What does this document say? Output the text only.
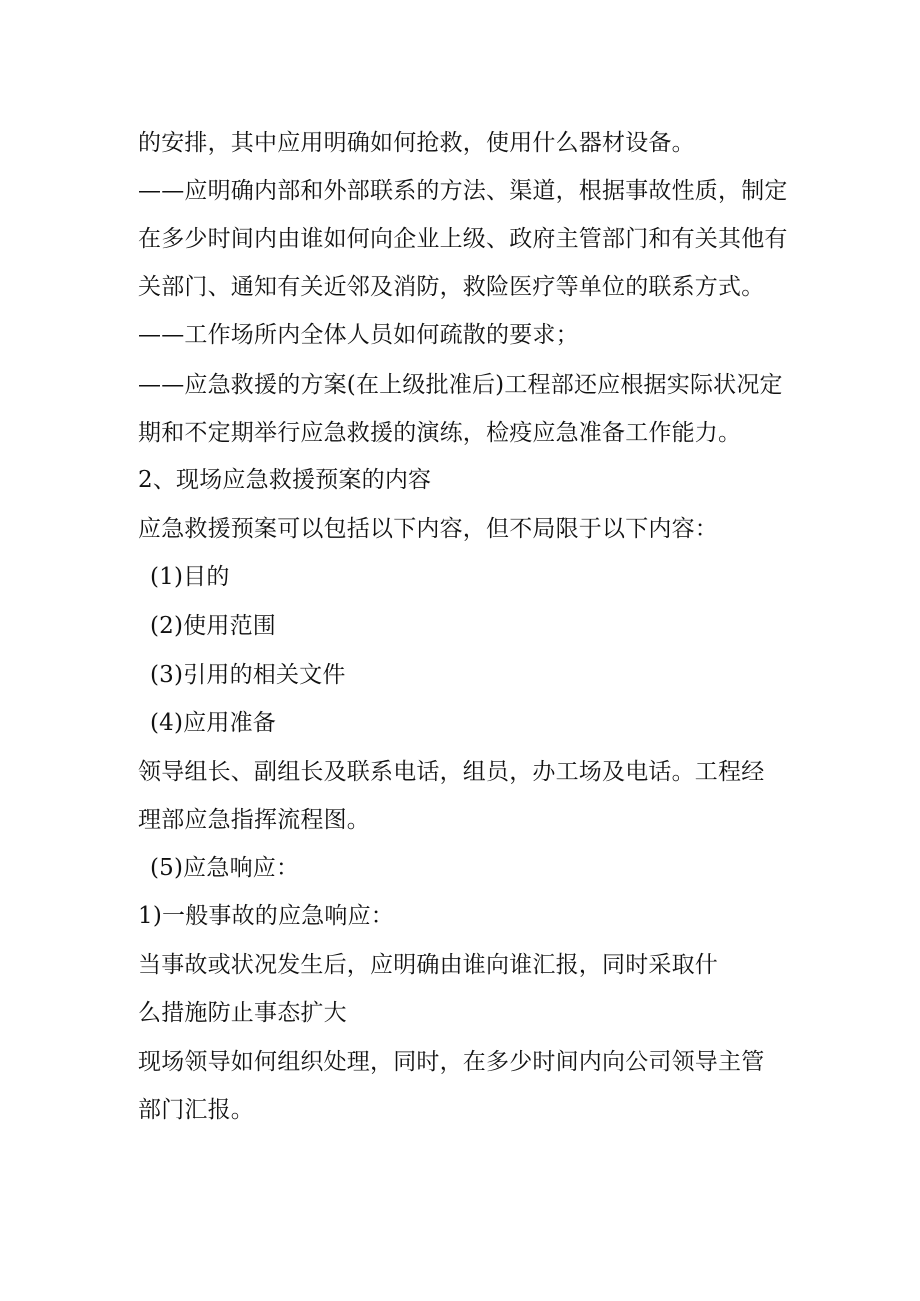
的安排，其中应用明确如何抢救，使用什么器材设备。
——应明确内部和外部联系的方法、渠道，根据事故性质，制定
在多少时间内由谁如何向企业上级、政府主管部门和有关其他有
关部门、通知有关近邻及消防，救险医疗等单位的联系方式。
——工作场所内全体人员如何疏散的要求；
——应急救援的方案(在上级批准后)工程部还应根据实际状况定
期和不定期举行应急救援的演练，检疫应急准备工作能力。
2、现场应急救援预案的内容
应急救援预案可以包括以下内容，但不局限于以下内容：
(1)目的
(2)使用范围
(3)引用的相关文件
(4)应用准备
领导组长、副组长及联系电话，组员，办工场及电话。工程经
理部应急指挥流程图。
(5)应急响应：
1)一般事故的应急响应：
当事故或状况发生后，应明确由谁向谁汇报，同时采取什
么措施防止事态扩大
现场领导如何组织处理，同时，在多少时间内向公司领导主管
部门汇报。
